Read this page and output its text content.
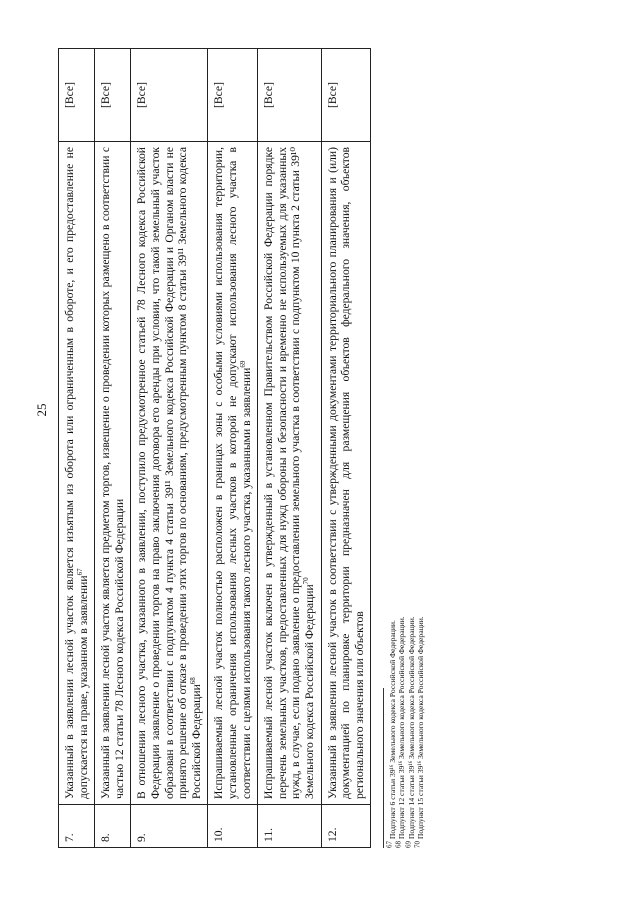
25
7.	Указанный в заявлении лесной участок является изъятым из оборота или ограниченным в обороте, и его предоставление не допускается на праве, указанном в заявлении$^{67}$	[Все]
8.	Указанный в заявлении лесной участок является предметом торгов, извещение о проведении которых размещено в соответствии с частью 12 статьи 78 Лесного кодекса Российской Федерации	[Все]
9.	В отношении лесного участка, указанного в заявлении, поступило предусмотренное статьей 78 Лесного кодекса Российской Федерации заявление о проведении торгов на право заключения договора его аренды при условии, что такой земельный участок образован в соответствии с подпунктом 4 пункта 4 статьи 39¹¹ Земельного кодекса Российской Федерации и Органом власти не принято решение об отказе в проведении этих торгов по основаниям, предусмотренным пунктом 8 статьи 39¹¹ Земельного кодекса Российской Федерации$^{68}$	[Все]
10.	Испрашиваемый лесной участок полностью расположен в границах зоны с особыми условиями использования территории, установленные ограничения использования лесных участков в которой не допускают использования лесного участка в соответствии с целями использования такого лесного участка, указанными в заявлении$^{69}$	[Все]
11.	Испрашиваемый лесной участок включен в утвержденный в установленном Правительством Российской Федерации порядке перечень земельных участков, предоставленных для нужд обороны и безопасности и временно не используемых для указанных нужд, в случае, если подано заявление о предоставлении земельного участка в соответствии с подпунктом 10 пункта 2 статьи 39¹⁰ Земельного кодекса Российской Федерации$^{70}$	[Все]
12.	Указанный в заявлении лесной участок в соответствии с утвержденными документами территориального планирования и (или) документацией по планировке территории предназначен для размещения объектов федерального значения, объектов регионального значения или объектов	[Все]
$^{67}$ Подпункт 6 статьи 39¹⁶ Земельного кодекса Российской Федерации.
$^{68}$ Подпункт 12 статьи 39¹⁶ Земельного кодекса Российской Федерации.
$^{69}$ Подпункт 14 статьи 39¹⁶ Земельного кодекса Российской Федерации.
$^{70}$ Подпункт 15 статьи 39¹⁶ Земельного кодекса Российской Федерации.
